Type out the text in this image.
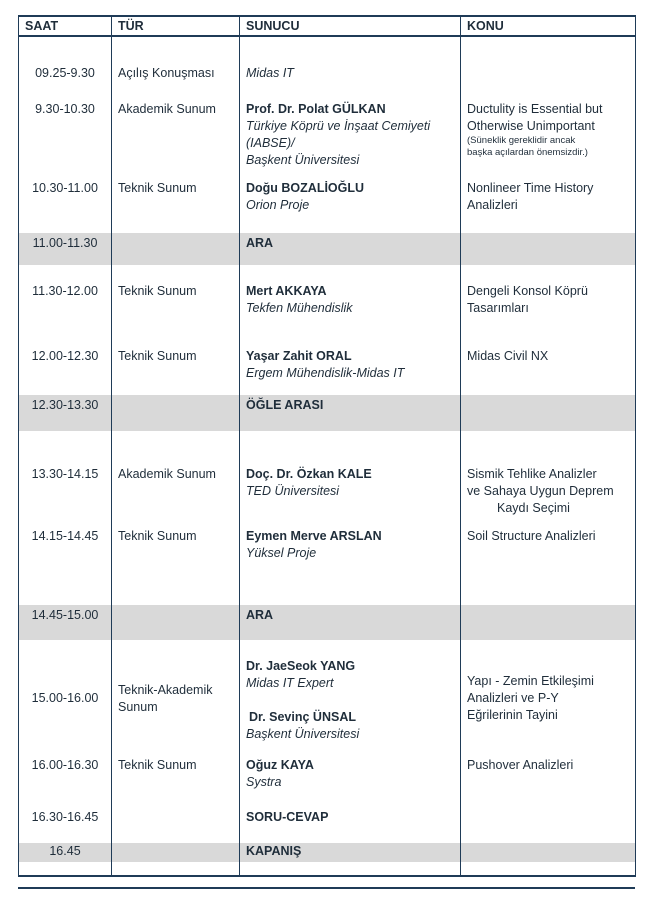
SAAT	TÜR	SUNUCU	KONU

09.25-9.30	Açılış Konuşması	Midas IT	

9.30-10.30	Akademik Sunum	Prof. Dr. Polat GÜLKAN
Türkiye Köprü ve İnşaat Cemiyeti
(IABSE)/
Başkent Üniversitesi	Ductulity is Essential but
Otherwise Unimportant
(Süneklik gereklidir ancak
başka açılardan önemsizdir.)

10.30-11.00	Teknik Sunum	Doğu BOZALİOĞLU
Orion Proje	Nonlineer Time History
Analizleri

11.00-11.30		ARA	

11.30-12.00	Teknik Sunum	Mert AKKAYA
Tekfen Mühendislik	Dengeli Konsol Köprü
Tasarımları

12.00-12.30	Teknik Sunum	Yaşar Zahit ORAL
Ergem Mühendislik-Midas IT	Midas Civil NX
12.30-13.30		ÖĞLE ARASI	

13.30-14.15	Akademik Sunum	Doç. Dr. Özkan KALE
TED Üniversitesi	Sismik Tehlike Analizler
ve Sahaya Uygun Deprem
Kaydı Seçimi

14.15-14.45	Teknik Sunum	Eymen Merve ARSLAN
Yüksel Proje	Soil Structure Analizleri
14.45-15.00		ARA	
15.00-16.00	Teknik-Akademik
Sunum	Dr. JaeSeok YANG
Midas IT Expert
Dr. Sevinç ÜNSAL
Başkent Üniversitesi	Yapı - Zemin Etkileşimi
Analizleri ve P-Y
Eğrilerinin Tayini

16.00-16.30	Teknik Sunum	Oğuz KAYA
Systra	Pushover Analizleri
16.30-16.45		SORU-CEVAP	
16.45		KAPANIŞ	
